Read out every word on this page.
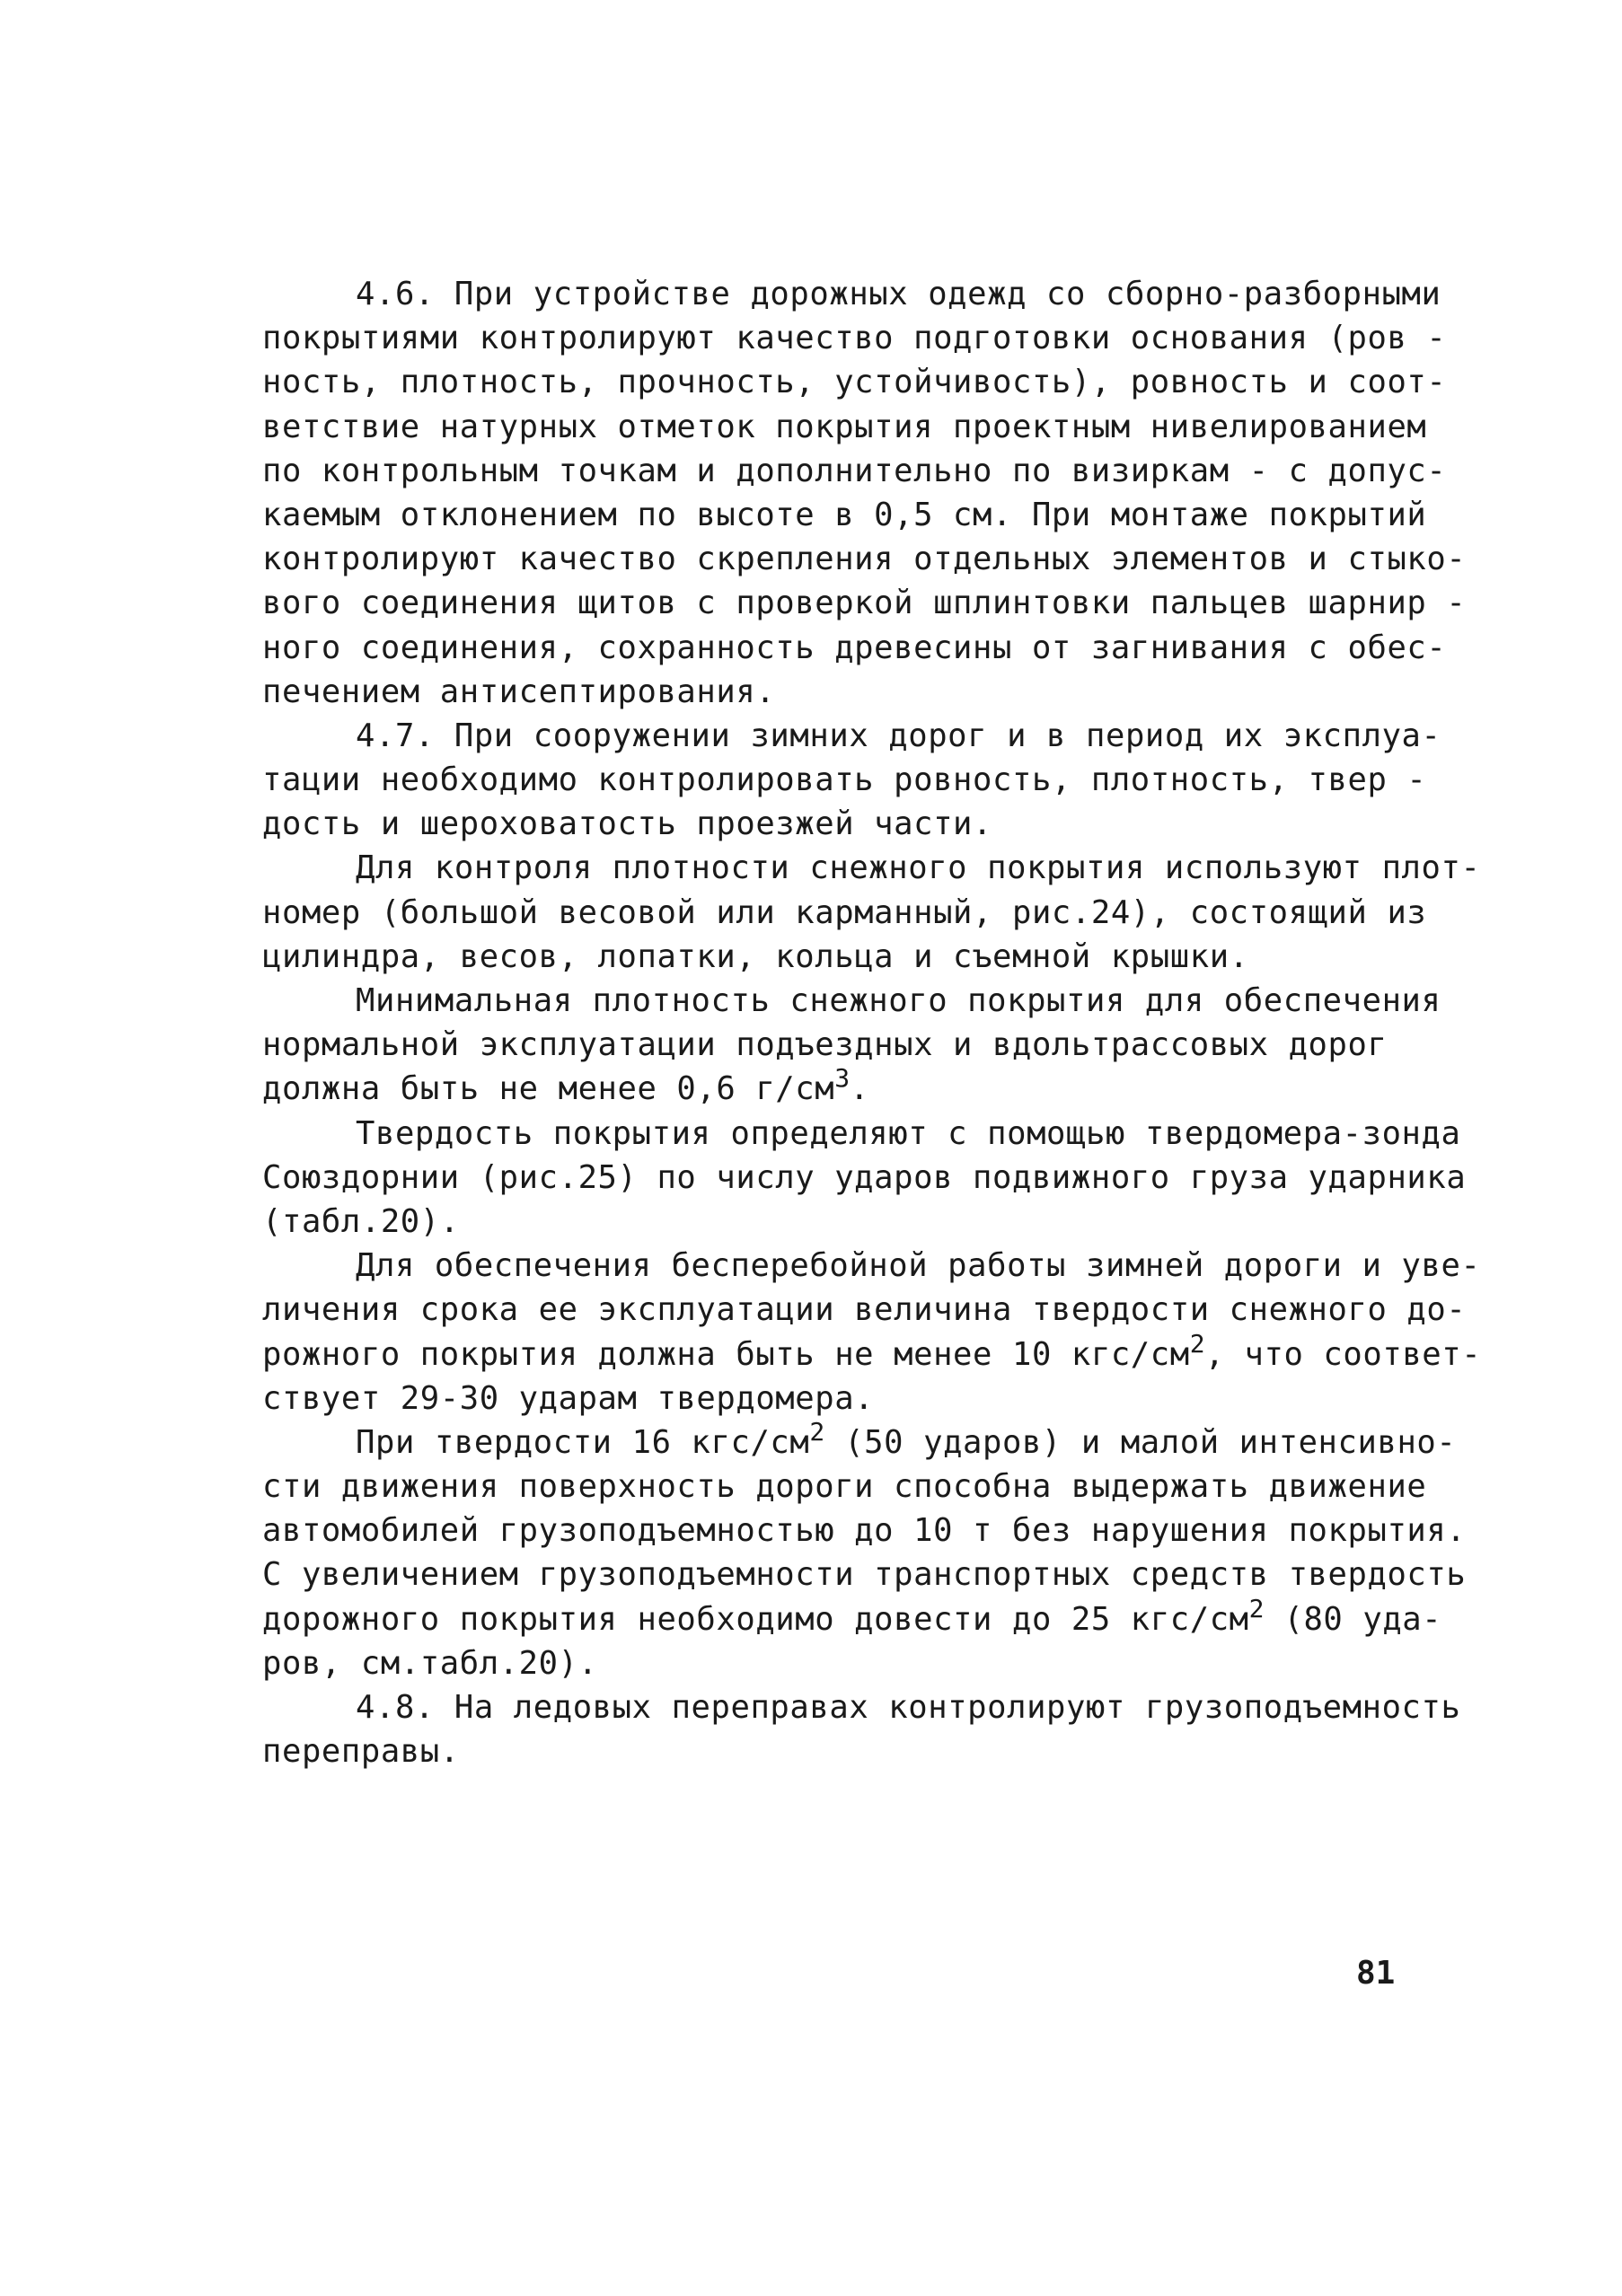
4.6. При устройстве дорожных одежд со сборно-разборными
покрытиями контролируют качество подготовки основания (ров -
ность, плотность, прочность, устойчивость), ровность и соот-
ветствие натурных отметок покрытия проектным нивелированием
по контрольным точкам и дополнительно по визиркам - с допус-
каемым отклонением по высоте в 0,5 см. При монтаже покрытий
контролируют качество скрепления отдельных элементов и стыко-
вого соединения щитов с проверкой шплинтовки пальцев шарнир -
ного соединения, сохранность древесины от загнивания с обес-
печением антисептирования.
4.7. При сооружении зимних дорог и в период их эксплуа-
тации необходимо контролировать ровность, плотность, твер -
дость и шероховатость проезжей части.
Для контроля плотности снежного покрытия используют плот-
номер (большой весовой или карманный, рис.24), состоящий из
цилиндра, весов, лопатки, кольца и съемной крышки.
Минимальная плотность снежного покрытия для обеспечения
нормальной эксплуатации подъездных и вдольтрассовых дорог
должна быть не менее 0,6 $г/см^3$.
Твердость покрытия определяют с помощью твердомера-зонда
Союздорнии (рис.25) по числу ударов подвижного груза ударника
(табл.20).
Для обеспечения бесперебойной работы зимней дороги и уве-
личения срока ее эксплуатации величина твердости снежного до-
рожного покрытия должна быть не менее 10 кгс/$см^2$, что соответ-
ствует 29-30 ударам твердомера.
При твердости 16 кгс/$см^2$ (50 ударов) и малой интенсивно-
сти движения поверхность дороги способна выдержать движение
автомобилей грузоподъемностью до 10 т без нарушения покрытия.
С увеличением грузоподъемности транспортных средств твердость
дорожного покрытия необходимо довести до 25 кгс/$см^2$ (80 уда-
ров, см.табл.20).
4.8. На ледовых переправах контролируют грузоподъемность
переправы.
81
